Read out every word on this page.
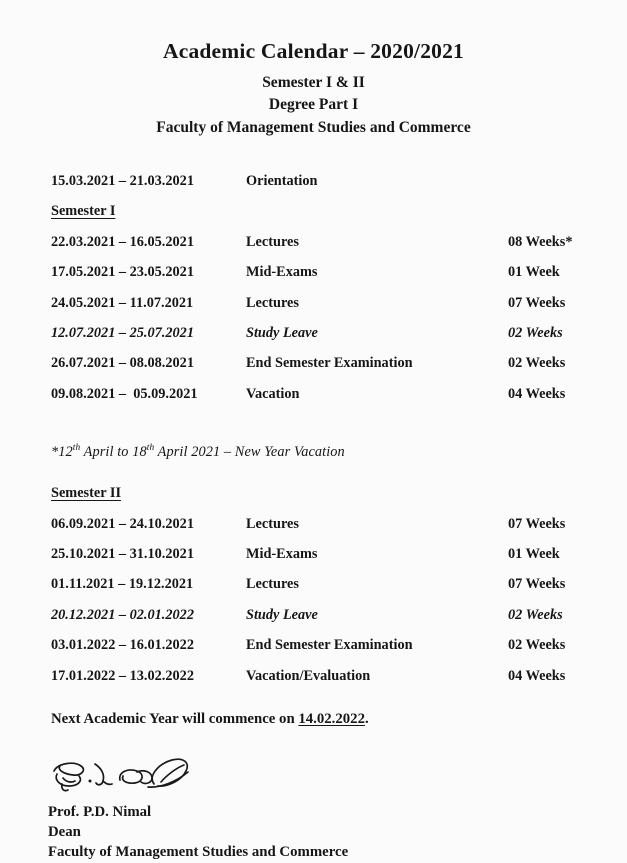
Academic Calendar – 2020/2021
Semester I & II
Degree Part I
Faculty of Management Studies and Commerce
15.03.2021 – 21.03.2021	Orientation
Semester I
22.03.2021 – 16.05.2021	Lectures	08 Weeks*
17.05.2021 – 23.05.2021	Mid-Exams	01 Week
24.05.2021 – 11.07.2021	Lectures	07 Weeks
12.07.2021 – 25.07.2021	Study Leave	02 Weeks
26.07.2021 – 08.08.2021	End Semester Examination	02 Weeks
09.08.2021 –  05.09.2021	Vacation	04 Weeks
*12th April to 18th April 2021 – New Year Vacation
Semester II
06.09.2021 – 24.10.2021	Lectures	07 Weeks
25.10.2021 – 31.10.2021	Mid-Exams	01 Week
01.11.2021 – 19.12.2021	Lectures	07 Weeks
20.12.2021 – 02.01.2022	Study Leave	02 Weeks
03.01.2022 – 16.01.2022	End Semester Examination	02 Weeks
17.01.2022 – 13.02.2022	Vacation/Evaluation	04 Weeks
Next Academic Year will commence on 14.02.2022.
Prof. P.D. Nimal
Dean
Faculty of Management Studies and Commerce
